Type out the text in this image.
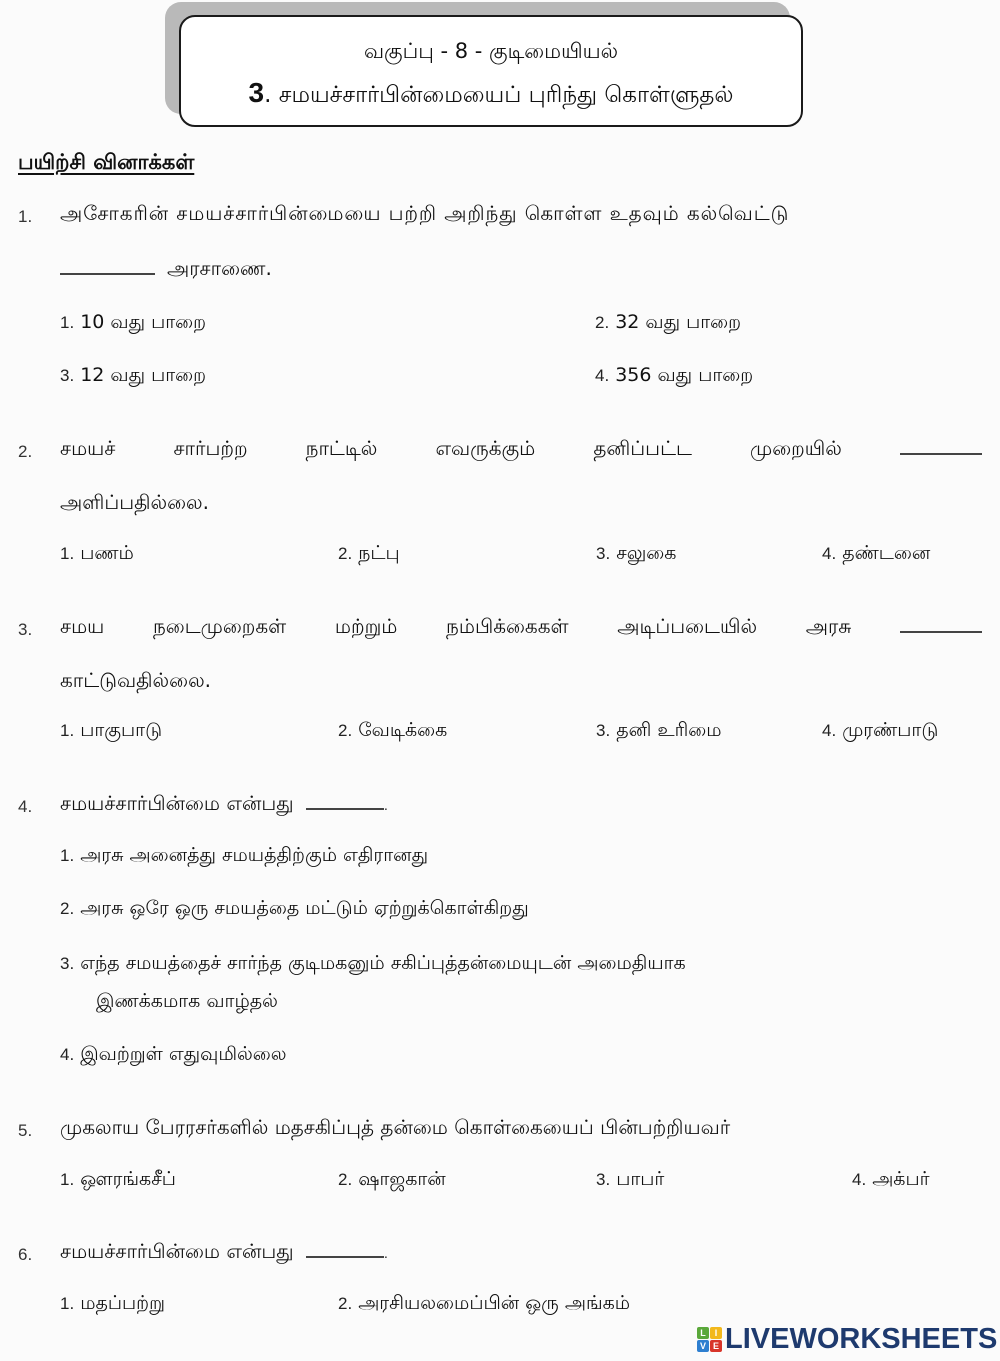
வகுப்பு - 8 - குடிமையியல்
3. சமயச்சார்பின்மையைப் புரிந்து கொள்ளுதல்
பயிற்சி வினாக்கள்
1. அசோகரின் சமயச்சார்பின்மையை பற்றி அறிந்து கொள்ள உதவும் கல்வெட்டு
அரசாணை.
1. 10 வது பாறை	2. 32 வது பாறை
3. 12 வது பாறை	4. 356 வது பாறை
2. சமயச்	சார்பற்ற	நாட்டில்	எவருக்கும்	தனிப்பட்ட	முறையில்
அளிப்பதில்லை.
1. பணம்	2. நட்பு	3. சலுகை	4. தண்டனை
3. சமய நடைமுறைகள் மற்றும் நம்பிக்கைகள் அடிப்படையில் அரசு
காட்டுவதில்லை.
1. பாகுபாடு	2. வேடிக்கை	3. தனி உரிமை	4. முரண்பாடு
4. சமயச்சார்பின்மை என்பது	.
1. அரசு அனைத்து சமயத்திற்கும் எதிரானது
2. அரசு ஒரே ஒரு சமயத்தை மட்டும் ஏற்றுக்கொள்கிறது
3. எந்த சமயத்தைச் சார்ந்த குடிமகனும் சகிப்புத்தன்மையுடன் அமைதியாக
இணக்கமாக வாழ்தல்
4. இவற்றுள் எதுவுமில்லை
5. முகலாய பேரரசர்களில் மதசகிப்புத் தன்மை கொள்கையைப் பின்பற்றியவர்
1. ஔரங்கசீப்	2. ஷாஜகான்	3. பாபர்	4. அக்பர்
6. சமயச்சார்பின்மை என்பது	.
1. மதப்பற்று	2. அரசியலமைப்பின் ஒரு அங்கம்
L I
V E LIVEWORKSHEETS
